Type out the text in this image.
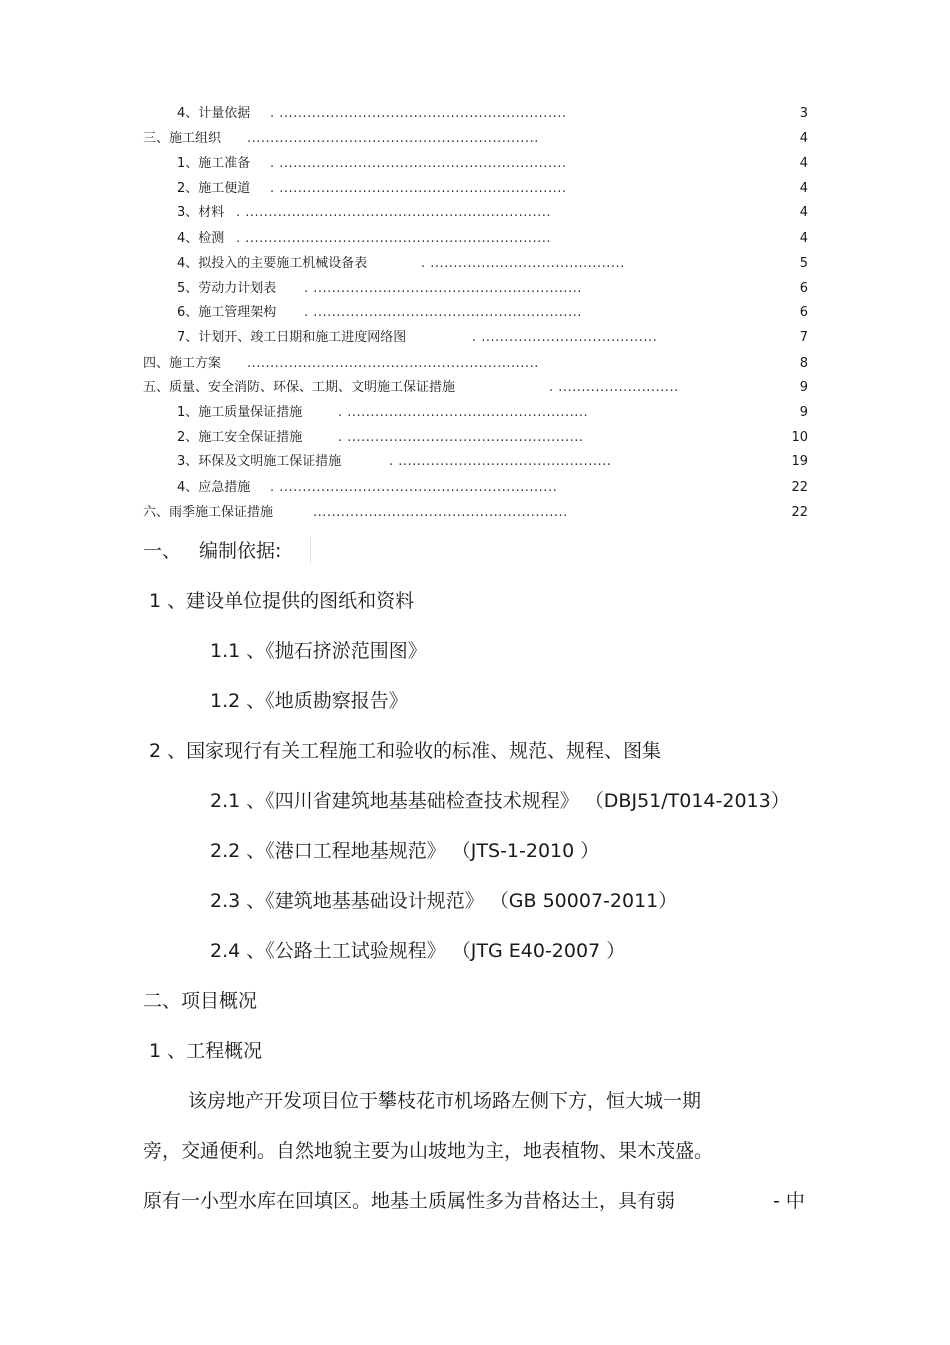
4、计量依据 . ..............................................................	3
三、施工组织 ...............................................................	4
1、施工准备 . ..............................................................	4
2、施工便道 . ..............................................................	4
3、材料 . ..................................................................	4
4、检测 . ..................................................................	4
4、拟投入的主要施工机械设备表	. ..........................................	5
5、劳动力计划表 . ..........................................................	6
6、施工管理架构 . ..........................................................	6
7、计划开、竣工日期和施工进度网络图	. ......................................	7
四、施工方案 ...............................................................	8
五、质量、安全消防、环保、工期、文明施工保证措施	. ..........................	9
1、施工质量保证措施	. ....................................................	9
2、施工安全保证措施	. ...................................................	10
3、环保及文明施工保证措施	. ..............................................	19
4、应急措施 . ............................................................	22
六、雨季施工保证措施	.......................................................	22
一、 编制依据:
1 、建设单位提供的图纸和资料
1.1 、《抛石挤淤范围图》
1.2 、《地质勘察报告》
2 、国家现行有关工程施工和验收的标准、规范、规程、图集
2.1 、《四川省建筑地基基础检查技术规程》 （DBJ51/T014-2013）
2.2 、《港口工程地基规范》 （JTS-1-2010 ）
2.3 、《建筑地基基础设计规范》 （GB 50007-2011）
2.4 、《公路土工试验规程》 （JTG E40-2007 ）
二、项目概况
1 、工程概况
该房地产开发项目位于攀枝花市机场路左侧下方，恒大城一期
旁，交通便利。自然地貌主要为山坡地为主，地表植物、果木茂盛。
原有一小型水库在回填区。地基土质属性多为昔格达土，具有弱	- 中
